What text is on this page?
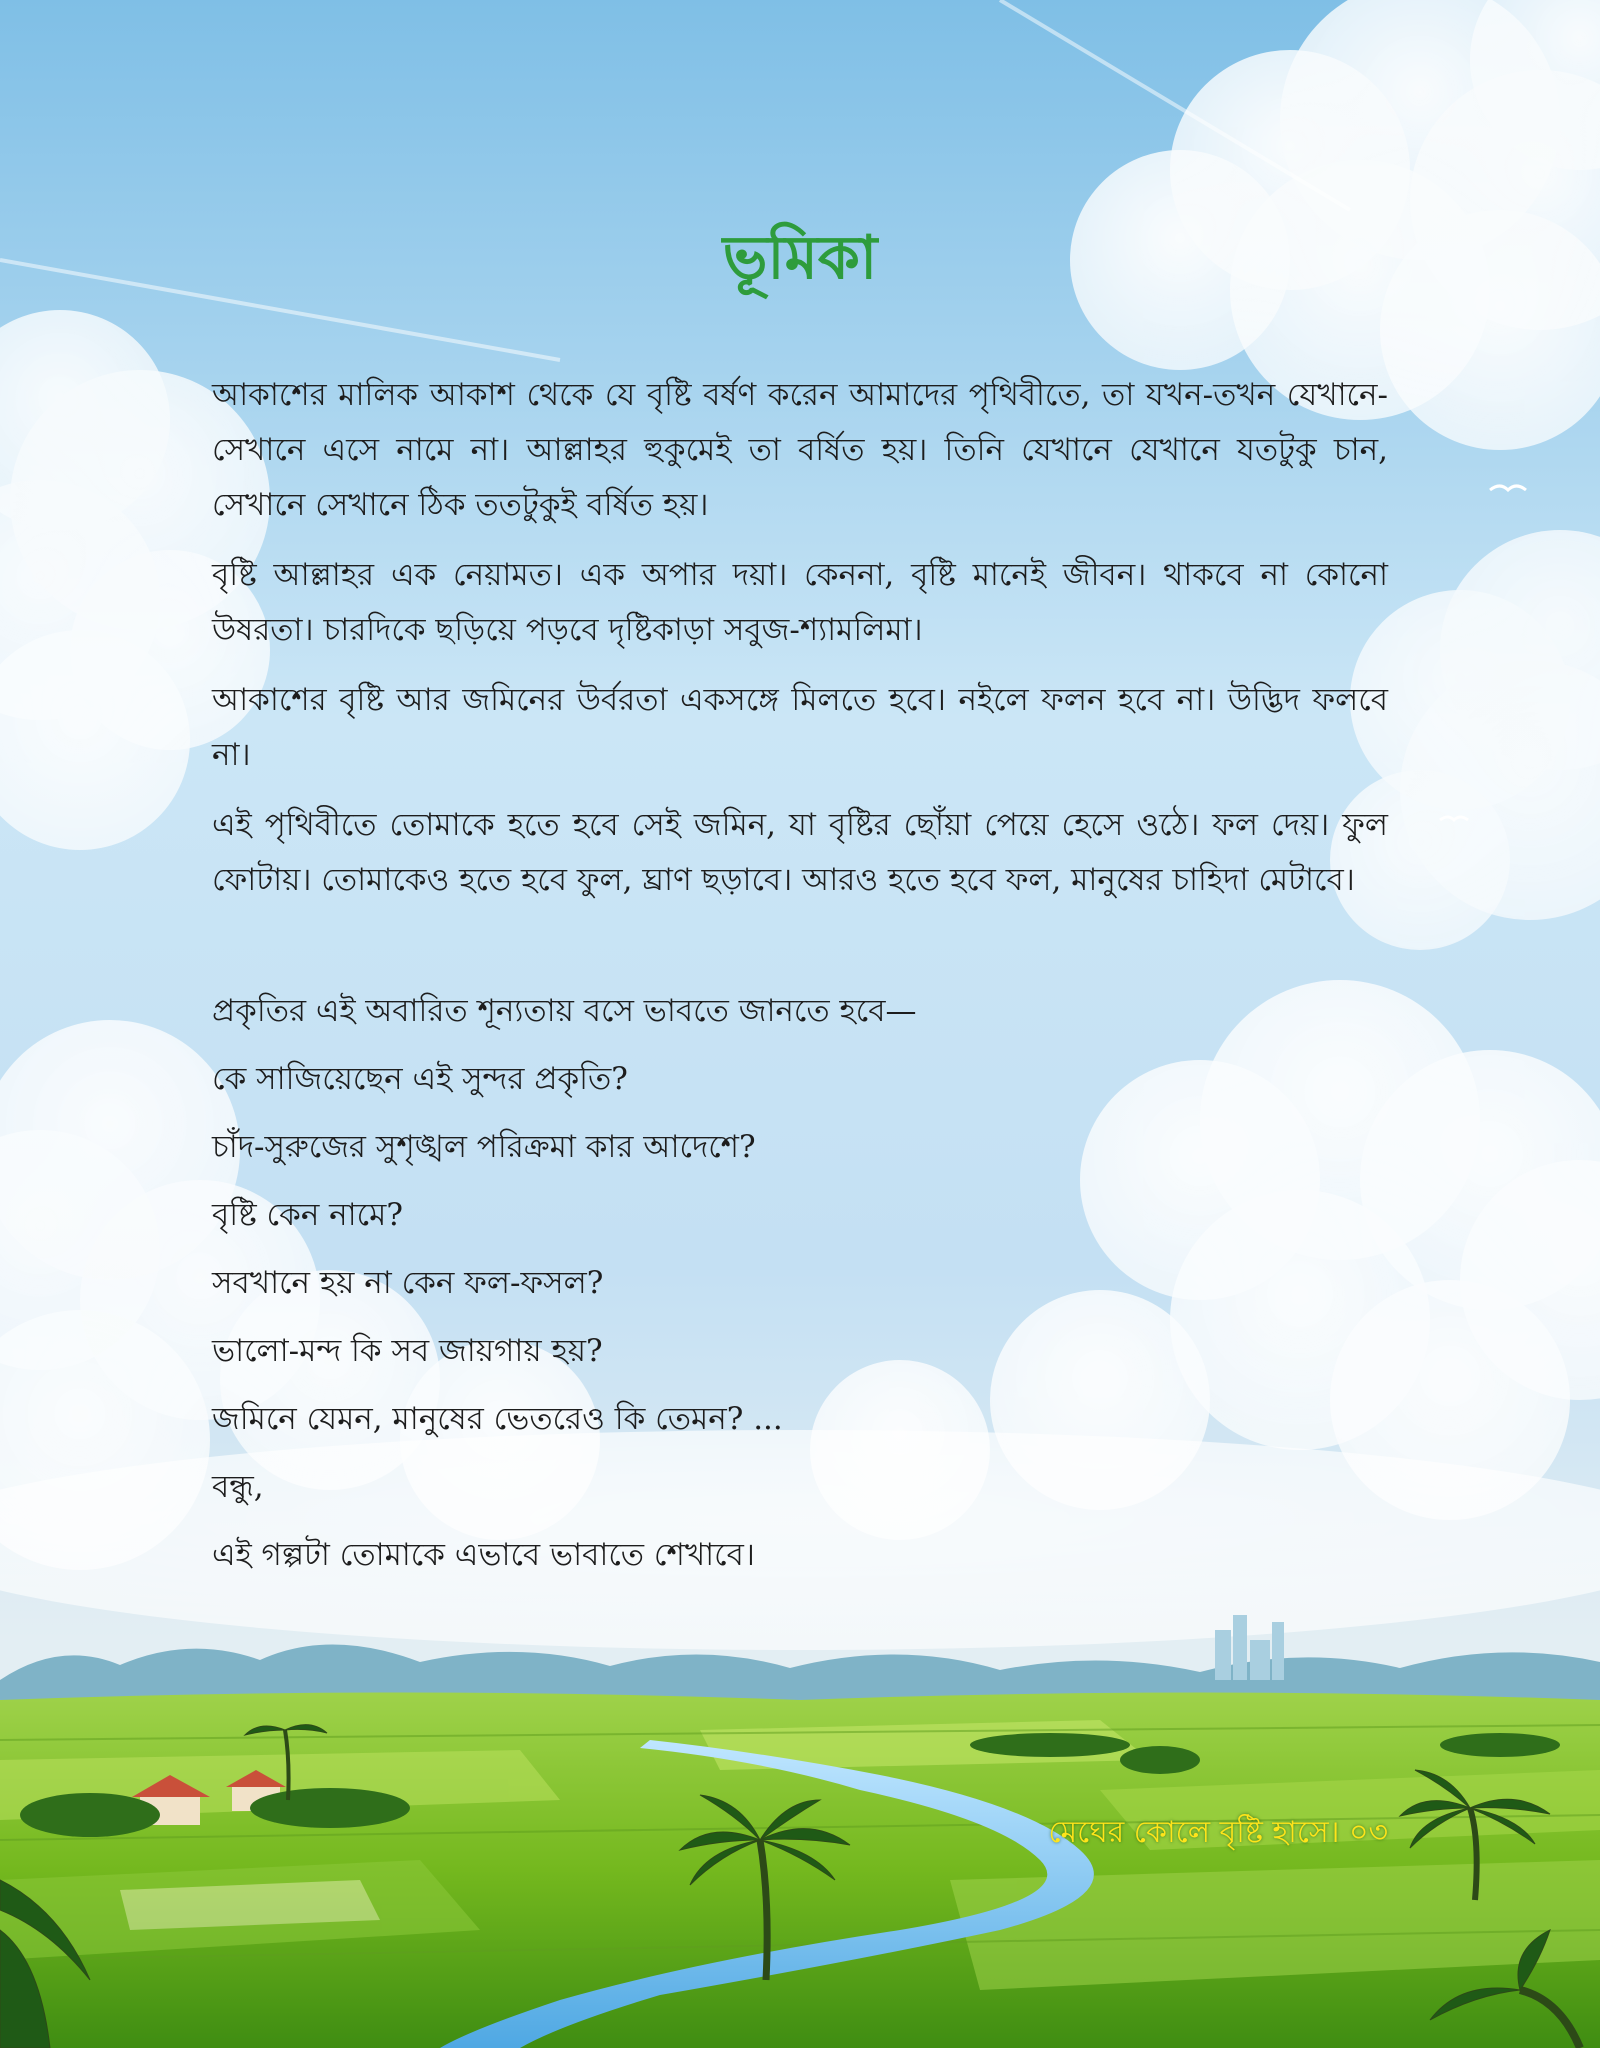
ভূমিকা
আকাশের মালিক আকাশ থেকে যে বৃষ্টি বর্ষণ করেন আমাদের পৃথিবীতে, তা যখন-তখন যেখানে-সেখানে এসে নামে না। আল্লাহর হুকুমেই তা বর্ষিত হয়। তিনি যেখানে যেখানে যতটুকু চান, সেখানে সেখানে ঠিক ততটুকুই বর্ষিত হয়।
বৃষ্টি আল্লাহর এক নেয়ামত। এক অপার দয়া। কেননা, বৃষ্টি মানেই জীবন। থাকবে না কোনো উষরতা। চারদিকে ছড়িয়ে পড়বে দৃষ্টিকাড়া সবুজ-শ্যামলিমা।
আকাশের বৃষ্টি আর জমিনের উর্বরতা একসঙ্গে মিলতে হবে। নইলে ফলন হবে না। উদ্ভিদ ফলবে না।
এই পৃথিবীতে তোমাকে হতে হবে সেই জমিন, যা বৃষ্টির ছোঁয়া পেয়ে হেসে ওঠে। ফল দেয়। ফুল ফোটায়। তোমাকেও হতে হবে ফুল, ঘ্রাণ ছড়াবে। আরও হতে হবে ফল, মানুষের চাহিদা মেটাবে।
প্রকৃতির এই অবারিত শূন্যতায় বসে ভাবতে জানতে হবে—
কে সাজিয়েছেন এই সুন্দর প্রকৃতি?
চাঁদ-সুরুজের সুশৃঙ্খল পরিক্রমা কার আদেশে?
বৃষ্টি কেন নামে?
সবখানে হয় না কেন ফল-ফসল?
ভালো-মন্দ কি সব জায়গায় হয়?
জমিনে যেমন, মানুষের ভেতরেও কি তেমন? ...
বন্ধু,
এই গল্পটা তোমাকে এভাবে ভাবাতে শেখাবে।
মেঘের কোলে বৃষ্টি হাসে। ০৩
